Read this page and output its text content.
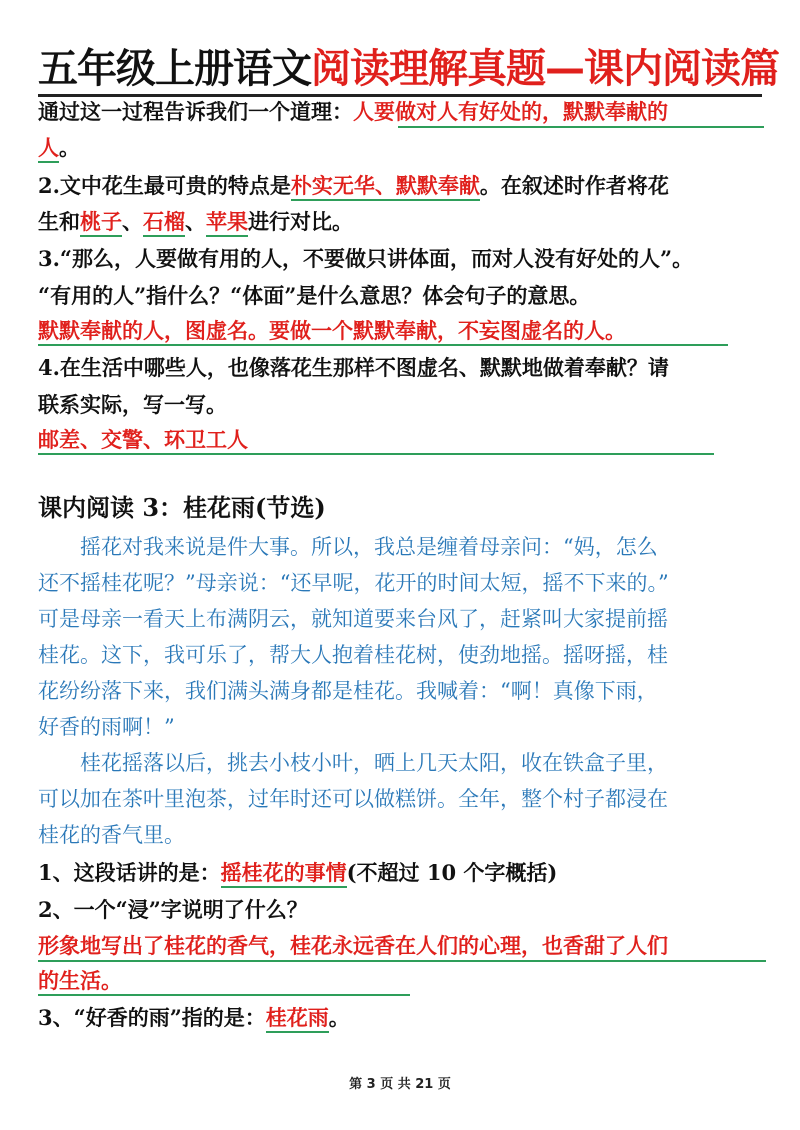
五年级上册语文阅读理解真题—课内阅读篇
通过这一过程告诉我们一个道理：人要做对人有好处的，默默奉献的
人。
2.文中花生最可贵的特点是朴实无华、默默奉献。在叙述时作者将花
生和桃子、石榴、苹果进行对比。
3.“那么，人要做有用的人，不要做只讲体面，而对人没有好处的人”。
“有用的人”指什么？“体面”是什么意思？体会句子的意思。
默默奉献的人，图虚名。要做一个默默奉献，不妄图虚名的人。
4.在生活中哪些人，也像落花生那样不图虚名、默默地做着奉献？请
联系实际，写一写。
邮差、交警、环卫工人
课内阅读 3：桂花雨(节选)
　　摇花对我来说是件大事。所以，我总是缠着母亲问：“妈，怎么
还不摇桂花呢？”母亲说：“还早呢，花开的时间太短，摇不下来的。”
可是母亲一看天上布满阴云，就知道要来台风了，赶紧叫大家提前摇
桂花。这下，我可乐了，帮大人抱着桂花树，使劲地摇。摇呀摇，桂
花纷纷落下来，我们满头满身都是桂花。我喊着：“啊！真像下雨，
好香的雨啊！”
　　桂花摇落以后，挑去小枝小叶，晒上几天太阳，收在铁盒子里，
可以加在茶叶里泡茶，过年时还可以做糕饼。全年，整个村子都浸在
桂花的香气里。
1、这段话讲的是：摇桂花的事情(不超过 10 个字概括)
2、一个“浸”字说明了什么？
形象地写出了桂花的香气，桂花永远香在人们的心理，也香甜了人们
的生活。
3、“好香的雨”指的是：桂花雨。
第 3 页 共 21 页
